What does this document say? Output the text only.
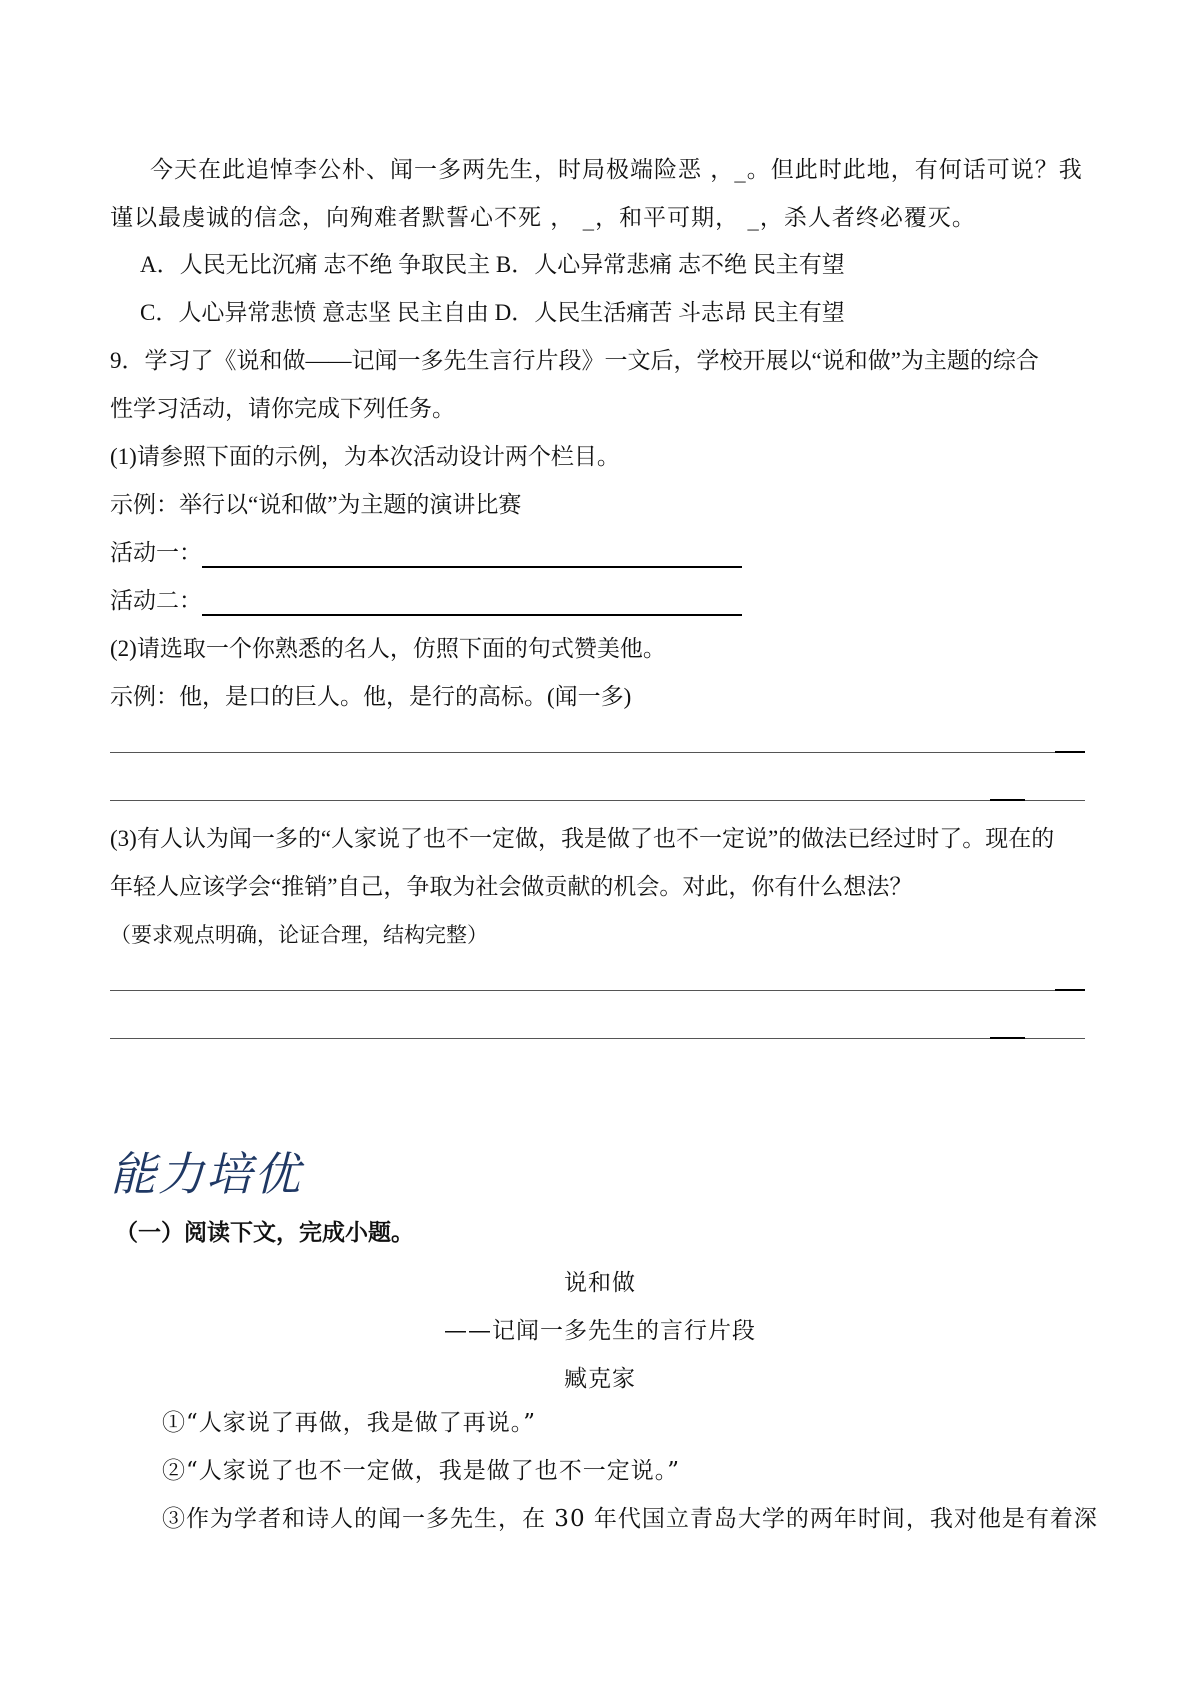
今天在此追悼李公朴、闻一多两先生，时局极端险恶 ，_。但此时此地，有何话可说？我
谨以最虔诚的信念，向殉难者默誓心不死 ， _，和平可期， _，杀人者终必覆灭。
A．人民无比沉痛 志不绝 争取民主 B．人心异常悲痛 志不绝 民主有望
C．人心异常悲愤 意志坚 民主自由 D．人民生活痛苦 斗志昂 民主有望
9．学习了《说和做——记闻一多先生言行片段》一文后，学校开展以“说和做”为主题的综合
性学习活动，请你完成下列任务。
(1)请参照下面的示例，为本次活动设计两个栏目。
示例：举行以“说和做”为主题的演讲比赛
活动一：
活动二：
(2)请选取一个你熟悉的名人，仿照下面的句式赞美他。
示例：他，是口的巨人。他，是行的高标。(闻一多)
(3)有人认为闻一多的“人家说了也不一定做，我是做了也不一定说”的做法已经过时了。现在的
年轻人应该学会“推销”自己，争取为社会做贡献的机会。对此，你有什么想法？
（要求观点明确，论证合理，结构完整）
能力培优
（一）阅读下文，完成小题。
说和做
——记闻一多先生的言行片段
臧克家
①“人家说了再做，我是做了再说。”
②“人家说了也不一定做，我是做了也不一定说。”
③作为学者和诗人的闻一多先生，在 30 年代国立青岛大学的两年时间，我对他是有着深
